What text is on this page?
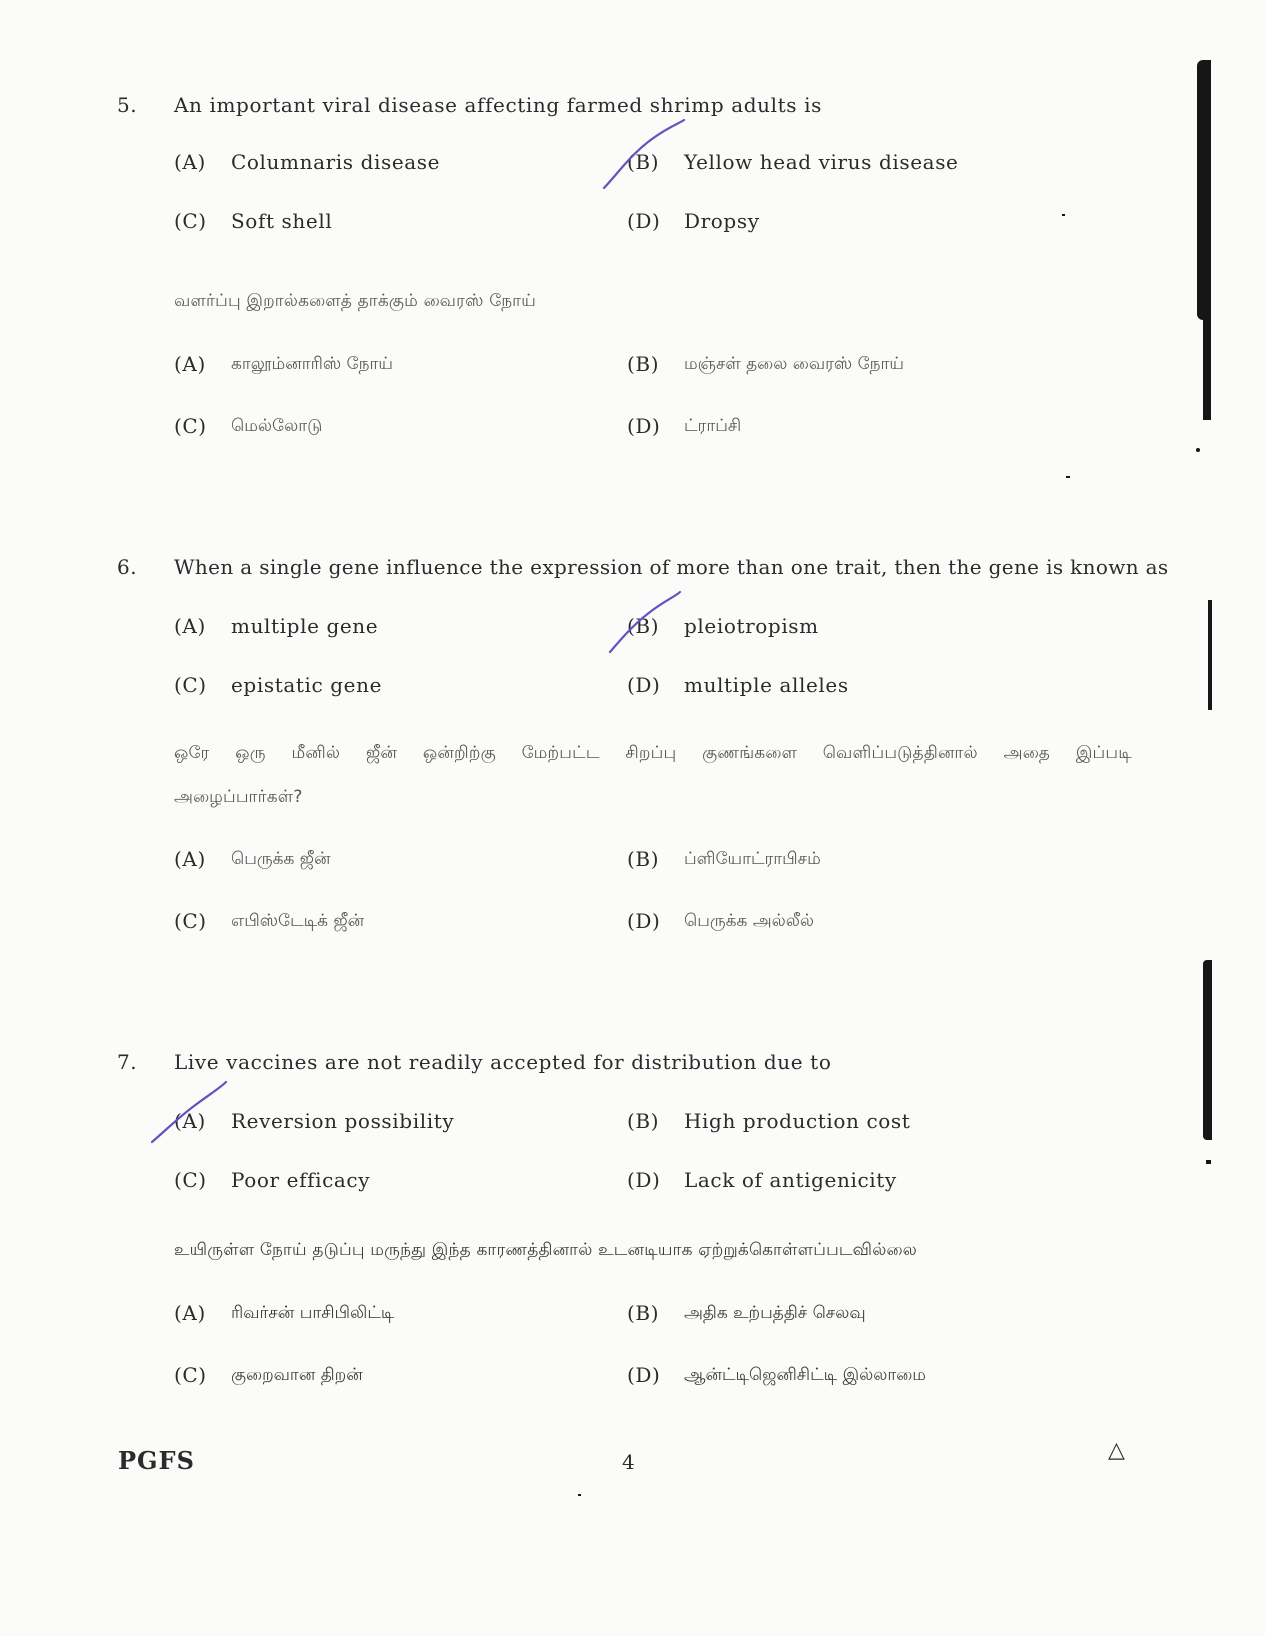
5. An important viral disease affecting farmed shrimp adults is
(A) Columnaris disease	(B) Yellow head virus disease
(C) Soft shell	(D) Dropsy
வளர்ப்பு இறால்களைத் தாக்கும் வைரஸ் நோய்
(A) காலூம்னாரிஸ் நோய்	(B) மஞ்சள் தலை வைரஸ் நோய்
(C) மெல்லோடு	(D) ட்ராப்சி
6. When a single gene influence the expression of more than one trait, then the gene is known as
(A) multiple gene	(B) pleiotropism
(C) epistatic gene	(D) multiple alleles
ஒரே ஒரு மீனில் ஜீன் ஒன்றிற்கு மேற்பட்ட சிறப்பு குணங்களை வெளிப்படுத்தினால் அதை இப்படி
அழைப்பார்கள்?
(A) பெருக்க ஜீன்	(B) ப்ளியோட்ராபிசம்
(C) எபிஸ்டேடிக் ஜீன்	(D) பெருக்க அல்லீல்
7. Live vaccines are not readily accepted for distribution due to
(A) Reversion possibility	(B) High production cost
(C) Poor efficacy	(D) Lack of antigenicity
உயிருள்ள நோய் தடுப்பு மருந்து இந்த காரணத்தினால் உடனடியாக ஏற்றுக்கொள்ளப்படவில்லை
(A) ரிவர்சன் பாசிபிலிட்டி	(B) அதிக உற்பத்திச் செலவு
(C) குறைவான திறன்	(D) ஆன்ட்டிஜெனிசிட்டி இல்லாமை
PGFS	4	△
